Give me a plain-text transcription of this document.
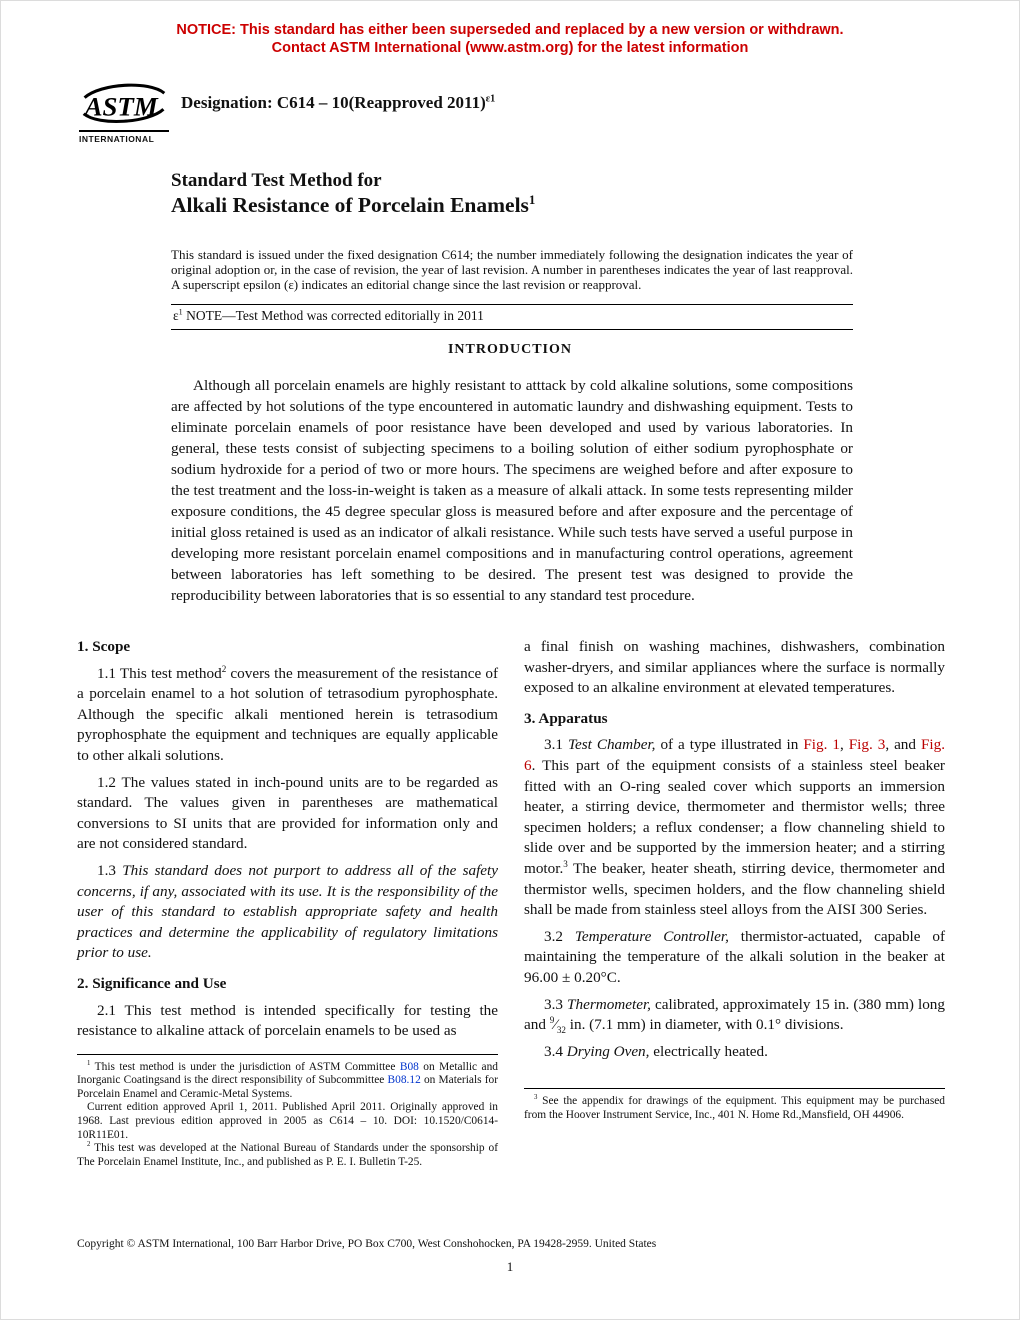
NOTICE: This standard has either been superseded and replaced by a new version or withdrawn.
Contact ASTM International (www.astm.org) for the latest information
ASTM
INTERNATIONAL
Designation: C614 – 10(Reapproved 2011)$^{\varepsilon 1}$
Standard Test Method for
Alkali Resistance of Porcelain Enamels$^1$

This standard is issued under the fixed designation C614; the number immediately following the designation indicates the year of original adoption or, in the case of revision, the year of last revision. A number in parentheses indicates the year of last reapproval. A superscript epsilon (ε) indicates an editorial change since the last revision or reapproval.

$\varepsilon^1$ NOTE—Test Method was corrected editorially in 2011
INTRODUCTION

Although all porcelain enamels are highly resistant to atttack by cold alkaline solutions, some compositions are affected by hot solutions of the type encountered in automatic laundry and dishwashing equipment. Tests to eliminate porcelain enamels of poor resistance have been developed and used by various laboratories. In general, these tests consist of subjecting specimens to a boiling solution of either sodium pyrophosphate or sodium hydroxide for a period of two or more hours. The specimens are weighed before and after exposure to the test treatment and the loss-in-weight is taken as a measure of alkali attack. In some tests representing milder exposure conditions, the 45 degree specular gloss is measured before and after exposure and the percentage of initial gloss retained is used as an indicator of alkali resistance. While such tests have served a useful purpose in developing more resistant porcelain enamel compositions and in manufacturing control operations, agreement between laboratories has left something to be desired. The present test was designed to provide the reproducibility between laboratories that is so essential to any standard test procedure.

1. Scope

1.1 This test method$^2$ covers the measurement of the resistance of a porcelain enamel to a hot solution of tetrasodium pyrophosphate. Although the specific alkali mentioned herein is tetrasodium pyrophosphate the equipment and techniques are equally applicable to other alkali solutions.

1.2 The values stated in inch-pound units are to be regarded as standard. The values given in parentheses are mathematical conversions to SI units that are provided for information only and are not considered standard.

1.3 This standard does not purport to address all of the safety concerns, if any, associated with its use. It is the responsibility of the user of this standard to establish appropriate safety and health practices and determine the applicability of regulatory limitations prior to use.

2. Significance and Use

2.1 This test method is intended specifically for testing the resistance to alkaline attack of porcelain enamels to be used as

$^1$ This test method is under the jurisdiction of ASTM Committee B08 on Metallic and Inorganic Coatingsand is the direct responsibility of Subcommittee B08.12 on Materials for Porcelain Enamel and Ceramic-Metal Systems.

Current edition approved April 1, 2011. Published April 2011. Originally approved in 1968. Last previous edition approved in 2005 as C614 – 10. DOI: 10.1520/C0614-10R11E01.

$^2$ This test was developed at the National Bureau of Standards under the sponsorship of The Porcelain Enamel Institute, Inc., and published as P. E. I. Bulletin T-25.

a final finish on washing machines, dishwashers, combination washer-dryers, and similar appliances where the surface is normally exposed to an alkaline environment at elevated temperatures.

3. Apparatus

3.1 Test Chamber, of a type illustrated in Fig. 1, Fig. 3, and Fig. 6. This part of the equipment consists of a stainless steel beaker fitted with an O-ring sealed cover which supports an immersion heater, a stirring device, thermometer and thermistor wells; three specimen holders; a reflux condenser; a flow channeling shield to slide over and be supported by the immersion heater; and a stirring motor.$^3$ The beaker, heater sheath, stirring device, thermometer and thermistor wells, specimen holders, and the flow channeling shield shall be made from stainless steel alloys from the AISI 300 Series.

3.2 Temperature Controller, thermistor-actuated, capable of maintaining the temperature of the alkali solution in the beaker at 96.00 ± 0.20°C.

3.3 Thermometer, calibrated, approximately 15 in. (380 mm) long and $^9⁄_{32}$ in. (7.1 mm) in diameter, with 0.1° divisions.

3.4 Drying Oven, electrically heated.

$^3$ See the appendix for drawings of the equipment. This equipment may be purchased from the Hoover Instrument Service, Inc., 401 N. Home Rd.,Mansfield, OH 44906.

Copyright © ASTM International, 100 Barr Harbor Drive, PO Box C700, West Conshohocken, PA 19428-2959. United States
1
